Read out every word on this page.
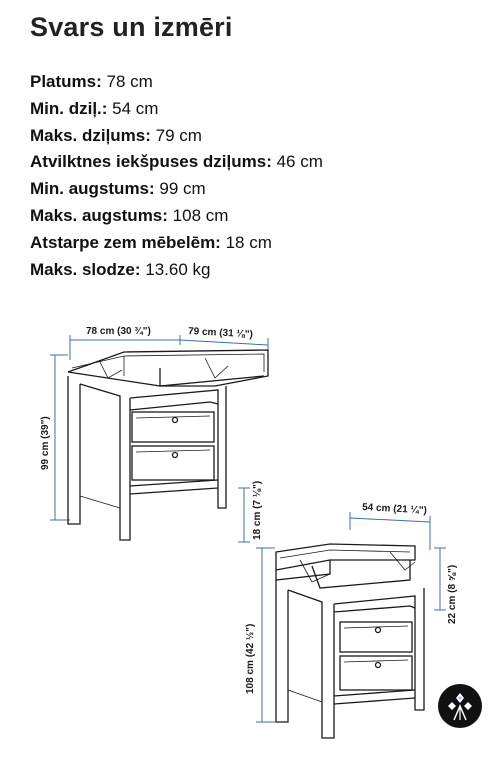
Svars un izmēri
Platums: 78 cm
Min. dziļ.: 54 cm
Maks. dziļums: 79 cm
Atvilktnes iekšpuses dziļums: 46 cm
Min. augstums: 99 cm
Maks. augstums: 108 cm
Atstarpe zem mēbelēm: 18 cm
Maks. slodze: 13.60 kg
78 cm (30 ¾")	79 cm (31 ⅛")
99 cm (39")
18 cm (7 ⅛")	54 cm (21 ¼")
22 cm (8 ⅝")
108 cm (42 ½")
